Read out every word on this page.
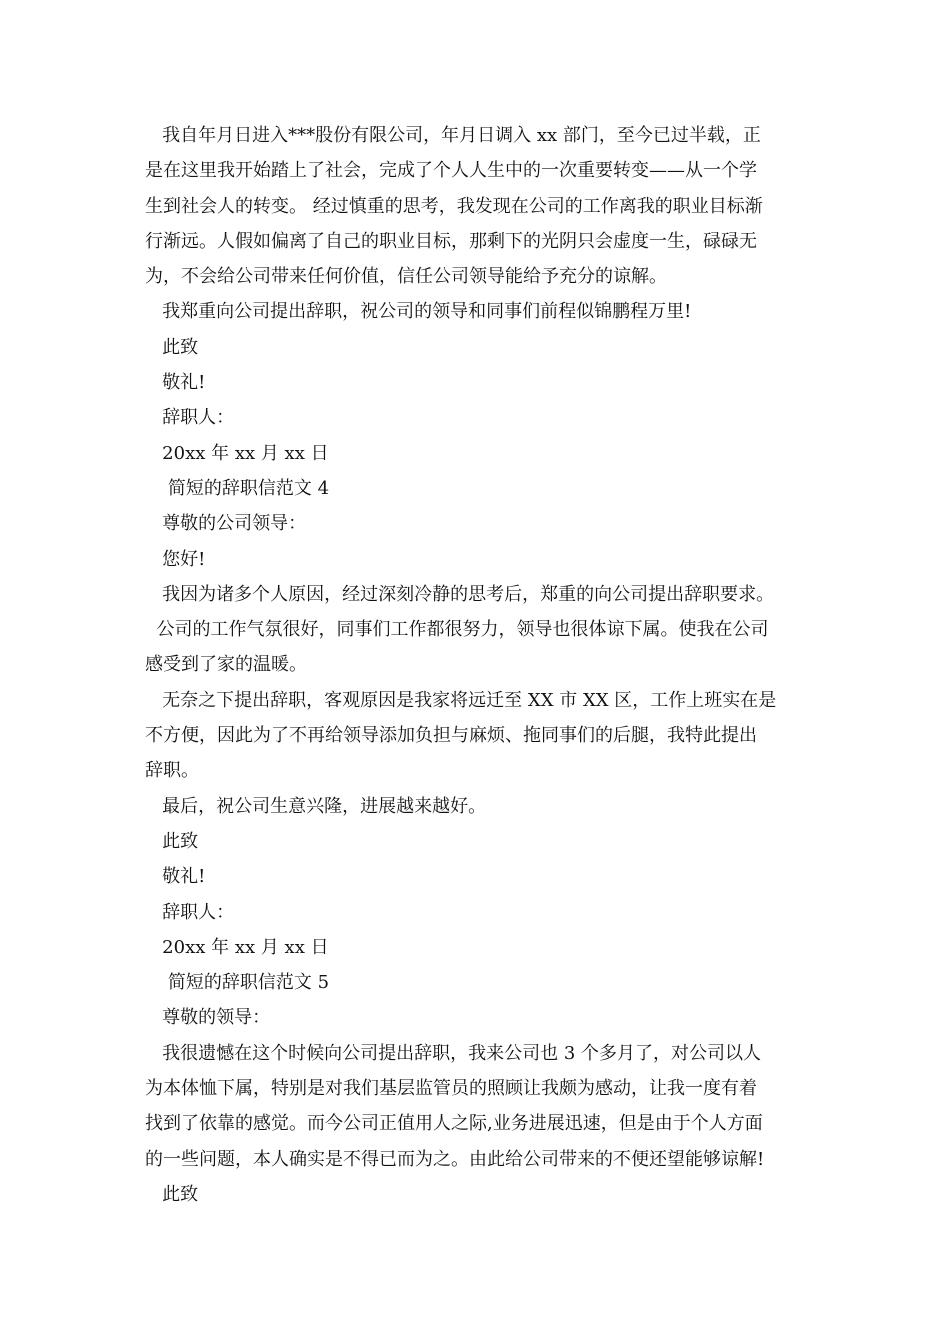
我自年月日进入***股份有限公司，年月日调入 xx 部门，至今已过半载，正

是在这里我开始踏上了社会，完成了个人人生中的一次重要转变——从一个学

生到社会人的转变。 经过慎重的思考，我发现在公司的工作离我的职业目标渐

行渐远。人假如偏离了自己的职业目标，那剩下的光阴只会虚度一生，碌碌无

为，不会给公司带来任何价值，信任公司领导能给予充分的谅解。

我郑重向公司提出辞职，祝公司的领导和同事们前程似锦鹏程万里!

此致

敬礼!

辞职人：

20xx 年 xx 月 xx 日

简短的辞职信范文 4

尊敬的公司领导：

您好!

我因为诸多个人原因，经过深刻冷静的思考后，郑重的向公司提出辞职要求。

公司的工作气氛很好，同事们工作都很努力，领导也很体谅下属。使我在公司

感受到了家的温暖。

无奈之下提出辞职，客观原因是我家将远迁至 XX 市 XX 区，工作上班实在是

不方便，因此为了不再给领导添加负担与麻烦、拖同事们的后腿，我特此提出

辞职。

最后，祝公司生意兴隆，进展越来越好。

此致

敬礼!

辞职人：

20xx 年 xx 月 xx 日

简短的辞职信范文 5

尊敬的领导：

我很遗憾在这个时候向公司提出辞职，我来公司也 3 个多月了，对公司以人

为本体恤下属，特别是对我们基层监管员的照顾让我颇为感动，让我一度有着

找到了依靠的感觉。而今公司正值用人之际,业务进展迅速，但是由于个人方面

的一些问题，本人确实是不得已而为之。由此给公司带来的不便还望能够谅解!

此致
